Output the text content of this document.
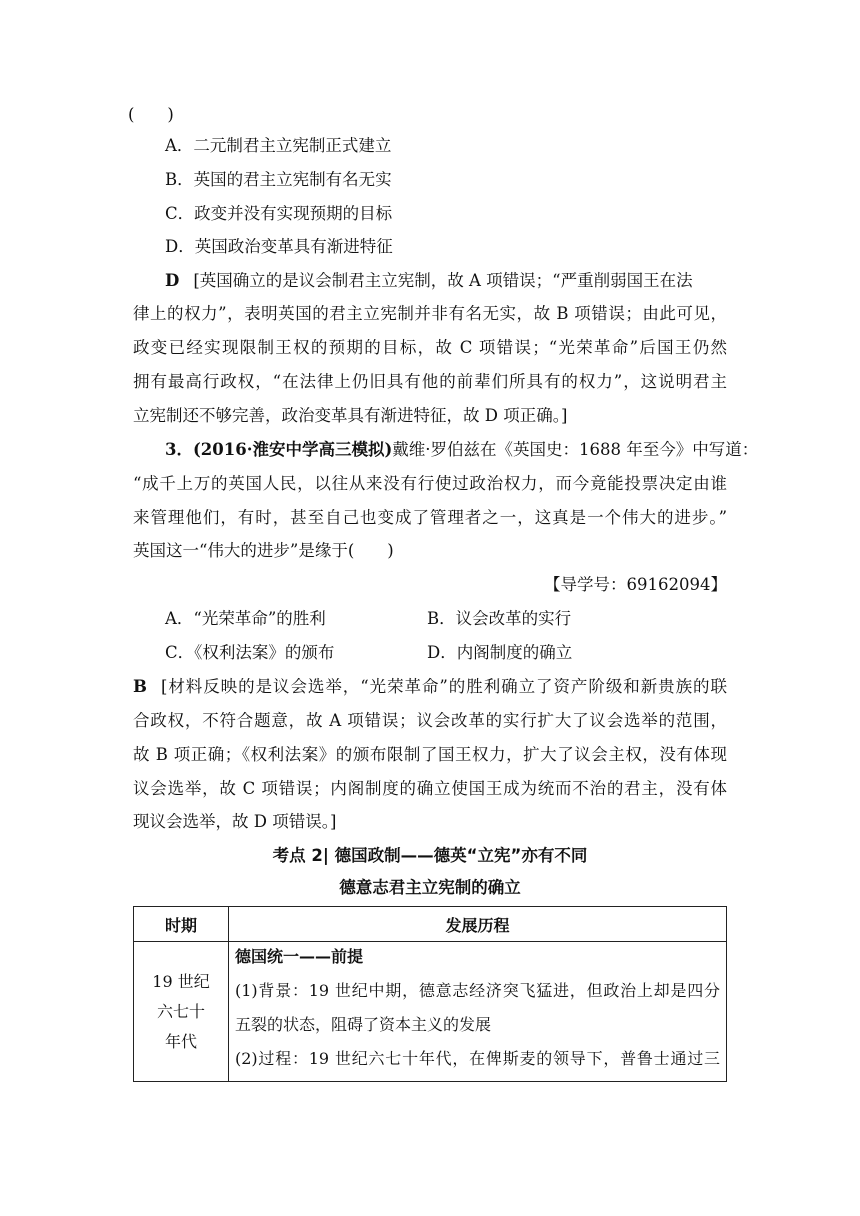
(　　)
A．二元制君主立宪制正式建立
B．英国的君主立宪制有名无实
C．政变并没有实现预期的目标
D．英国政治变革具有渐进特征
D [英国确立的是议会制君主立宪制，故 A 项错误；“严重削弱国王在法
律上的权力”，表明英国的君主立宪制并非有名无实，故 B 项错误；由此可见，
政变已经实现限制王权的预期的目标，故 C 项错误；“光荣革命”后国王仍然
拥有最高行政权，“在法律上仍旧具有他的前辈们所具有的权力”，这说明君主
立宪制还不够完善，政治变革具有渐进特征，故 D 项正确。]
3．(2016·淮安中学高三模拟)戴维·罗伯兹在《英国史：1688 年至今》中写道：
“成千上万的英国人民，以往从来没有行使过政治权力，而今竟能投票决定由谁
来管理他们，有时，甚至自己也变成了管理者之一，这真是一个伟大的进步。”
英国这一“伟大的进步”是缘于(　　)
【导学号：69162094】
A．“光荣革命”的胜利	B．议会改革的实行
C．《权利法案》的颁布	D．内阁制度的确立
B [材料反映的是议会选举，“光荣革命”的胜利确立了资产阶级和新贵族的联
合政权，不符合题意，故 A 项错误；议会改革的实行扩大了议会选举的范围，
故 B 项正确；《权利法案》的颁布限制了国王权力，扩大了议会主权，没有体现
议会选举，故 C 项错误；内阁制度的确立使国王成为统而不治的君主，没有体
现议会选举，故 D 项错误。]
考点 2| 德国政制——德英“立宪”亦有不同
德意志君主立宪制的确立
时期	发展历程

19 世纪
六七十
年代	德国统一——前提
(1)背景：19 世纪中期，德意志经济突飞猛进，但政治上却是四分
五裂的状态，阻碍了资本主义的发展
(2)过程：19 世纪六七十年代，在俾斯麦的领导下，普鲁士通过三
